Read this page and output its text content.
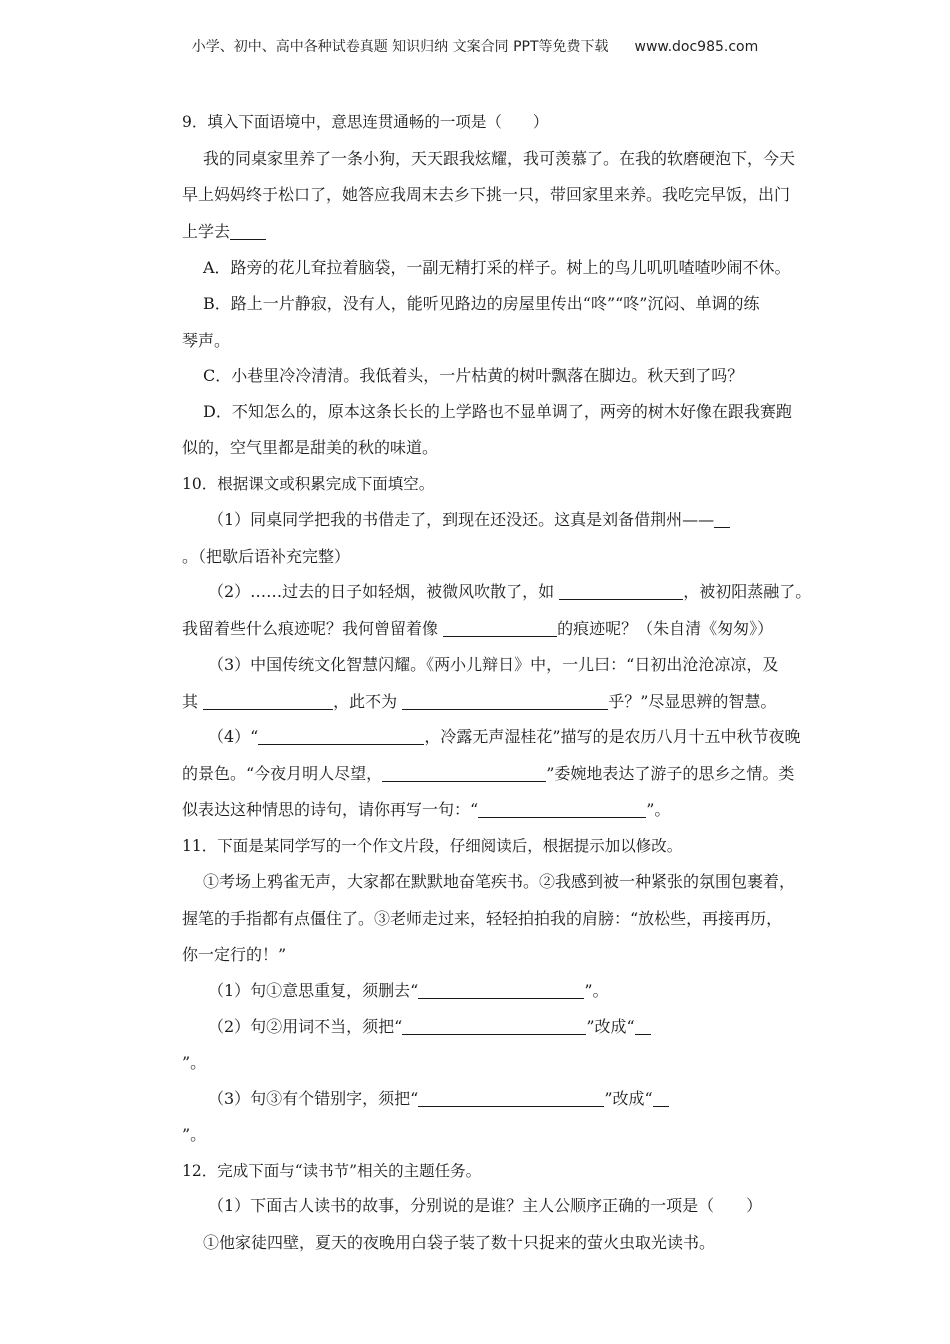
小学、初中、高中各种试卷真题 知识归纳 文案合同 PPT等免费下载 www.doc985.com
9．填入下面语境中，意思连贯通畅的一项是（　　）
我的同桌家里养了一条小狗，天天跟我炫耀，我可羡慕了。在我的软磨硬泡下，今天
早上妈妈终于松口了，她答应我周末去乡下挑一只，带回家里来养。我吃完早饭，出门
上学去
A．路旁的花儿耷拉着脑袋，一副无精打采的样子。树上的鸟儿叽叽喳喳吵闹不休。
B．路上一片静寂，没有人，能听见路边的房屋里传出“咚”“咚”沉闷、单调的练
琴声。
C．小巷里冷冷清清。我低着头，一片枯黄的树叶飘落在脚边。秋天到了吗？
D．不知怎么的，原本这条长长的上学路也不显单调了，两旁的树木好像在跟我赛跑
似的，空气里都是甜美的秋的味道。
10．根据课文或积累完成下面填空。
（1）同桌同学把我的书借走了，到现在还没还。这真是刘备借荆州——
。（把歇后语补充完整）
（2）……过去的日子如轻烟，被微风吹散了，如	，被初阳蒸融了。
我留着些什么痕迹呢？我何曾留着像	的痕迹呢？（朱自清《匆匆》）
（3）中国传统文化智慧闪耀。《两小儿辩日》中，一儿曰：“日初出沧沧凉凉，及
其	，此不为	乎？”尽显思辨的智慧。
（4）“	，冷露无声湿桂花”描写的是农历八月十五中秋节夜晚
的景色。“今夜月明人尽望，	”委婉地表达了游子的思乡之情。类
似表达这种情思的诗句，请你再写一句：“	”。
11．下面是某同学写的一个作文片段，仔细阅读后，根据提示加以修改。
①考场上鸦雀无声，大家都在默默地奋笔疾书。②我感到被一种紧张的氛围包裹着，
握笔的手指都有点僵住了。③老师走过来，轻轻拍拍我的肩膀：“放松些，再接再历，
你一定行的！”
（1）句①意思重复，须删去“	”。
（2）句②用词不当，须把“	”改成“
”。
（3）句③有个错别字，须把“	”改成“
”。
12．完成下面与“读书节”相关的主题任务。
（1）下面古人读书的故事，分别说的是谁？主人公顺序正确的一项是（　　）
①他家徒四壁，夏天的夜晚用白袋子装了数十只捉来的萤火虫取光读书。
